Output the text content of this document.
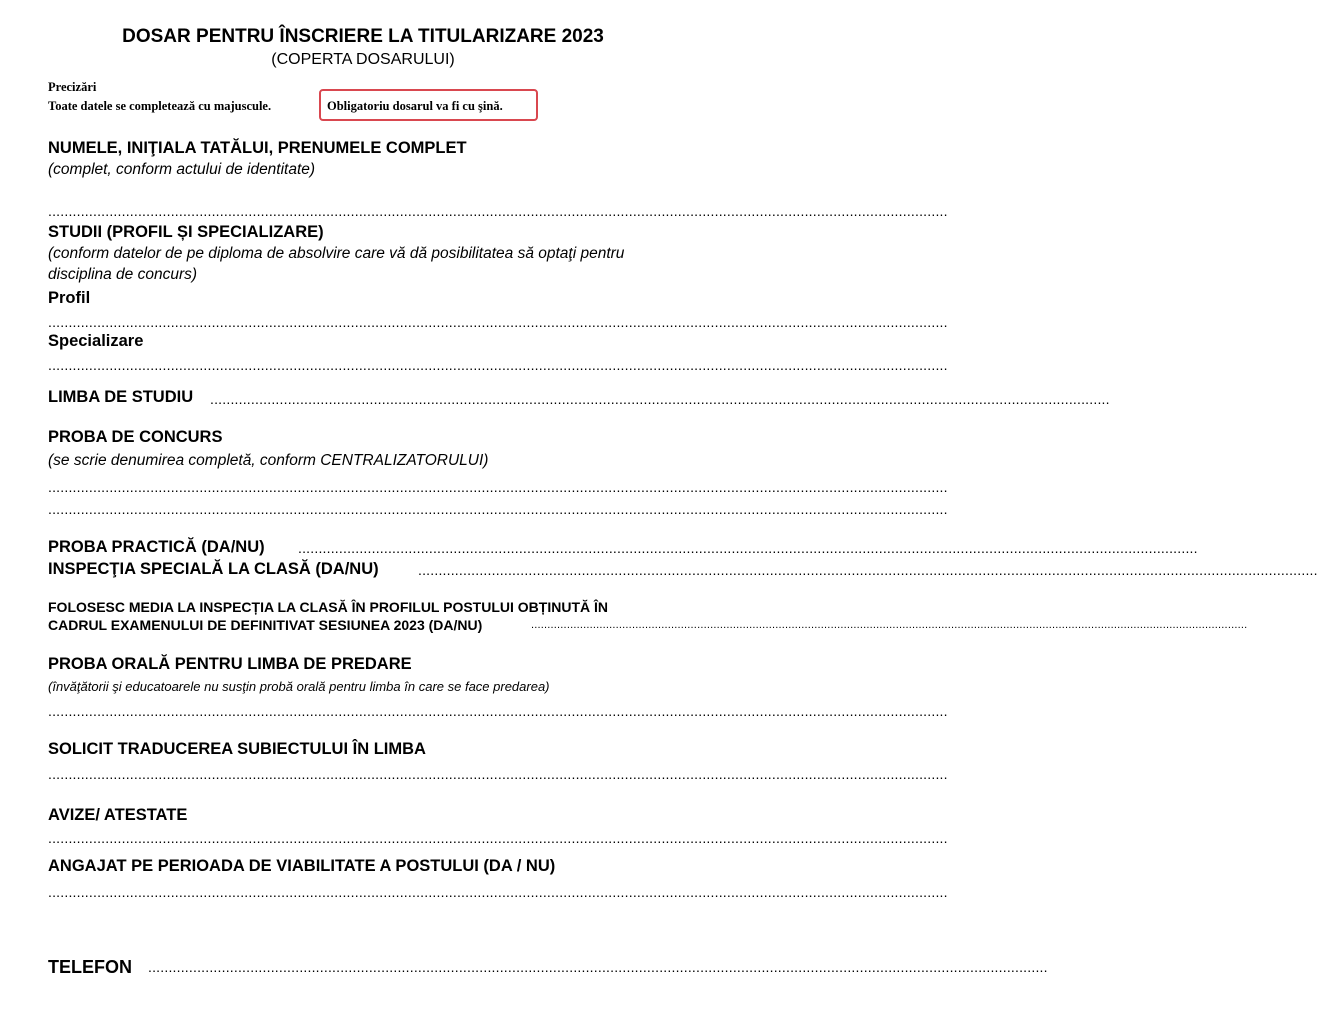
DOSAR PENTRU ÎNSCRIERE LA TITULARIZARE 2023
(COPERTA DOSARULUI)
Precizări
Toate datele se completează cu majuscule.	Obligatoriu dosarul va fi cu şină.
NUMELE, INIŢIALA TATĂLUI, PRENUMELE COMPLET
(complet, conform actului de identitate)
............................................................................................................................................................................................................................
STUDII (PROFIL ȘI SPECIALIZARE)
(conform datelor de pe diploma de absolvire care vă dă posibilitatea să optaţi pentru
disciplina de concurs)
Profil
............................................................................................................................................................................................................................
Specializare
............................................................................................................................................................................................................................
LIMBA DE STUDIU ............................................................................................................................................................................................................................
PROBA DE CONCURS
(se scrie denumirea completă, conform CENTRALIZATORULUI)
............................................................................................................................................................................................................................
............................................................................................................................................................................................................................
PROBA PRACTICĂ (DA/NU) ............................................................................................................................................................................................................................
INSPECŢIA SPECIALĂ LA CLASĂ (DA/NU)	............................................................................................................................................................................................................................
FOLOSESC MEDIA LA INSPECȚIA LA CLASĂ ÎN PROFILUL POSTULUI OBȚINUTĂ ÎN
CADRUL EXAMENULUI DE DEFINITIVAT SESIUNEA 2023 (DA/NU)	............................................................................................................................................................................................................................
PROBA ORALĂ PENTRU LIMBA DE PREDARE
(învăţătorii şi educatoarele nu susţin probă orală pentru limba în care se face predarea)
............................................................................................................................................................................................................................
SOLICIT TRADUCEREA SUBIECTULUI ÎN LIMBA
............................................................................................................................................................................................................................
AVIZE/ ATESTATE
............................................................................................................................................................................................................................
ANGAJAT PE PERIOADA DE VIABILITATE A POSTULUI (DA / NU)
............................................................................................................................................................................................................................
TELEFON ............................................................................................................................................................................................................................
